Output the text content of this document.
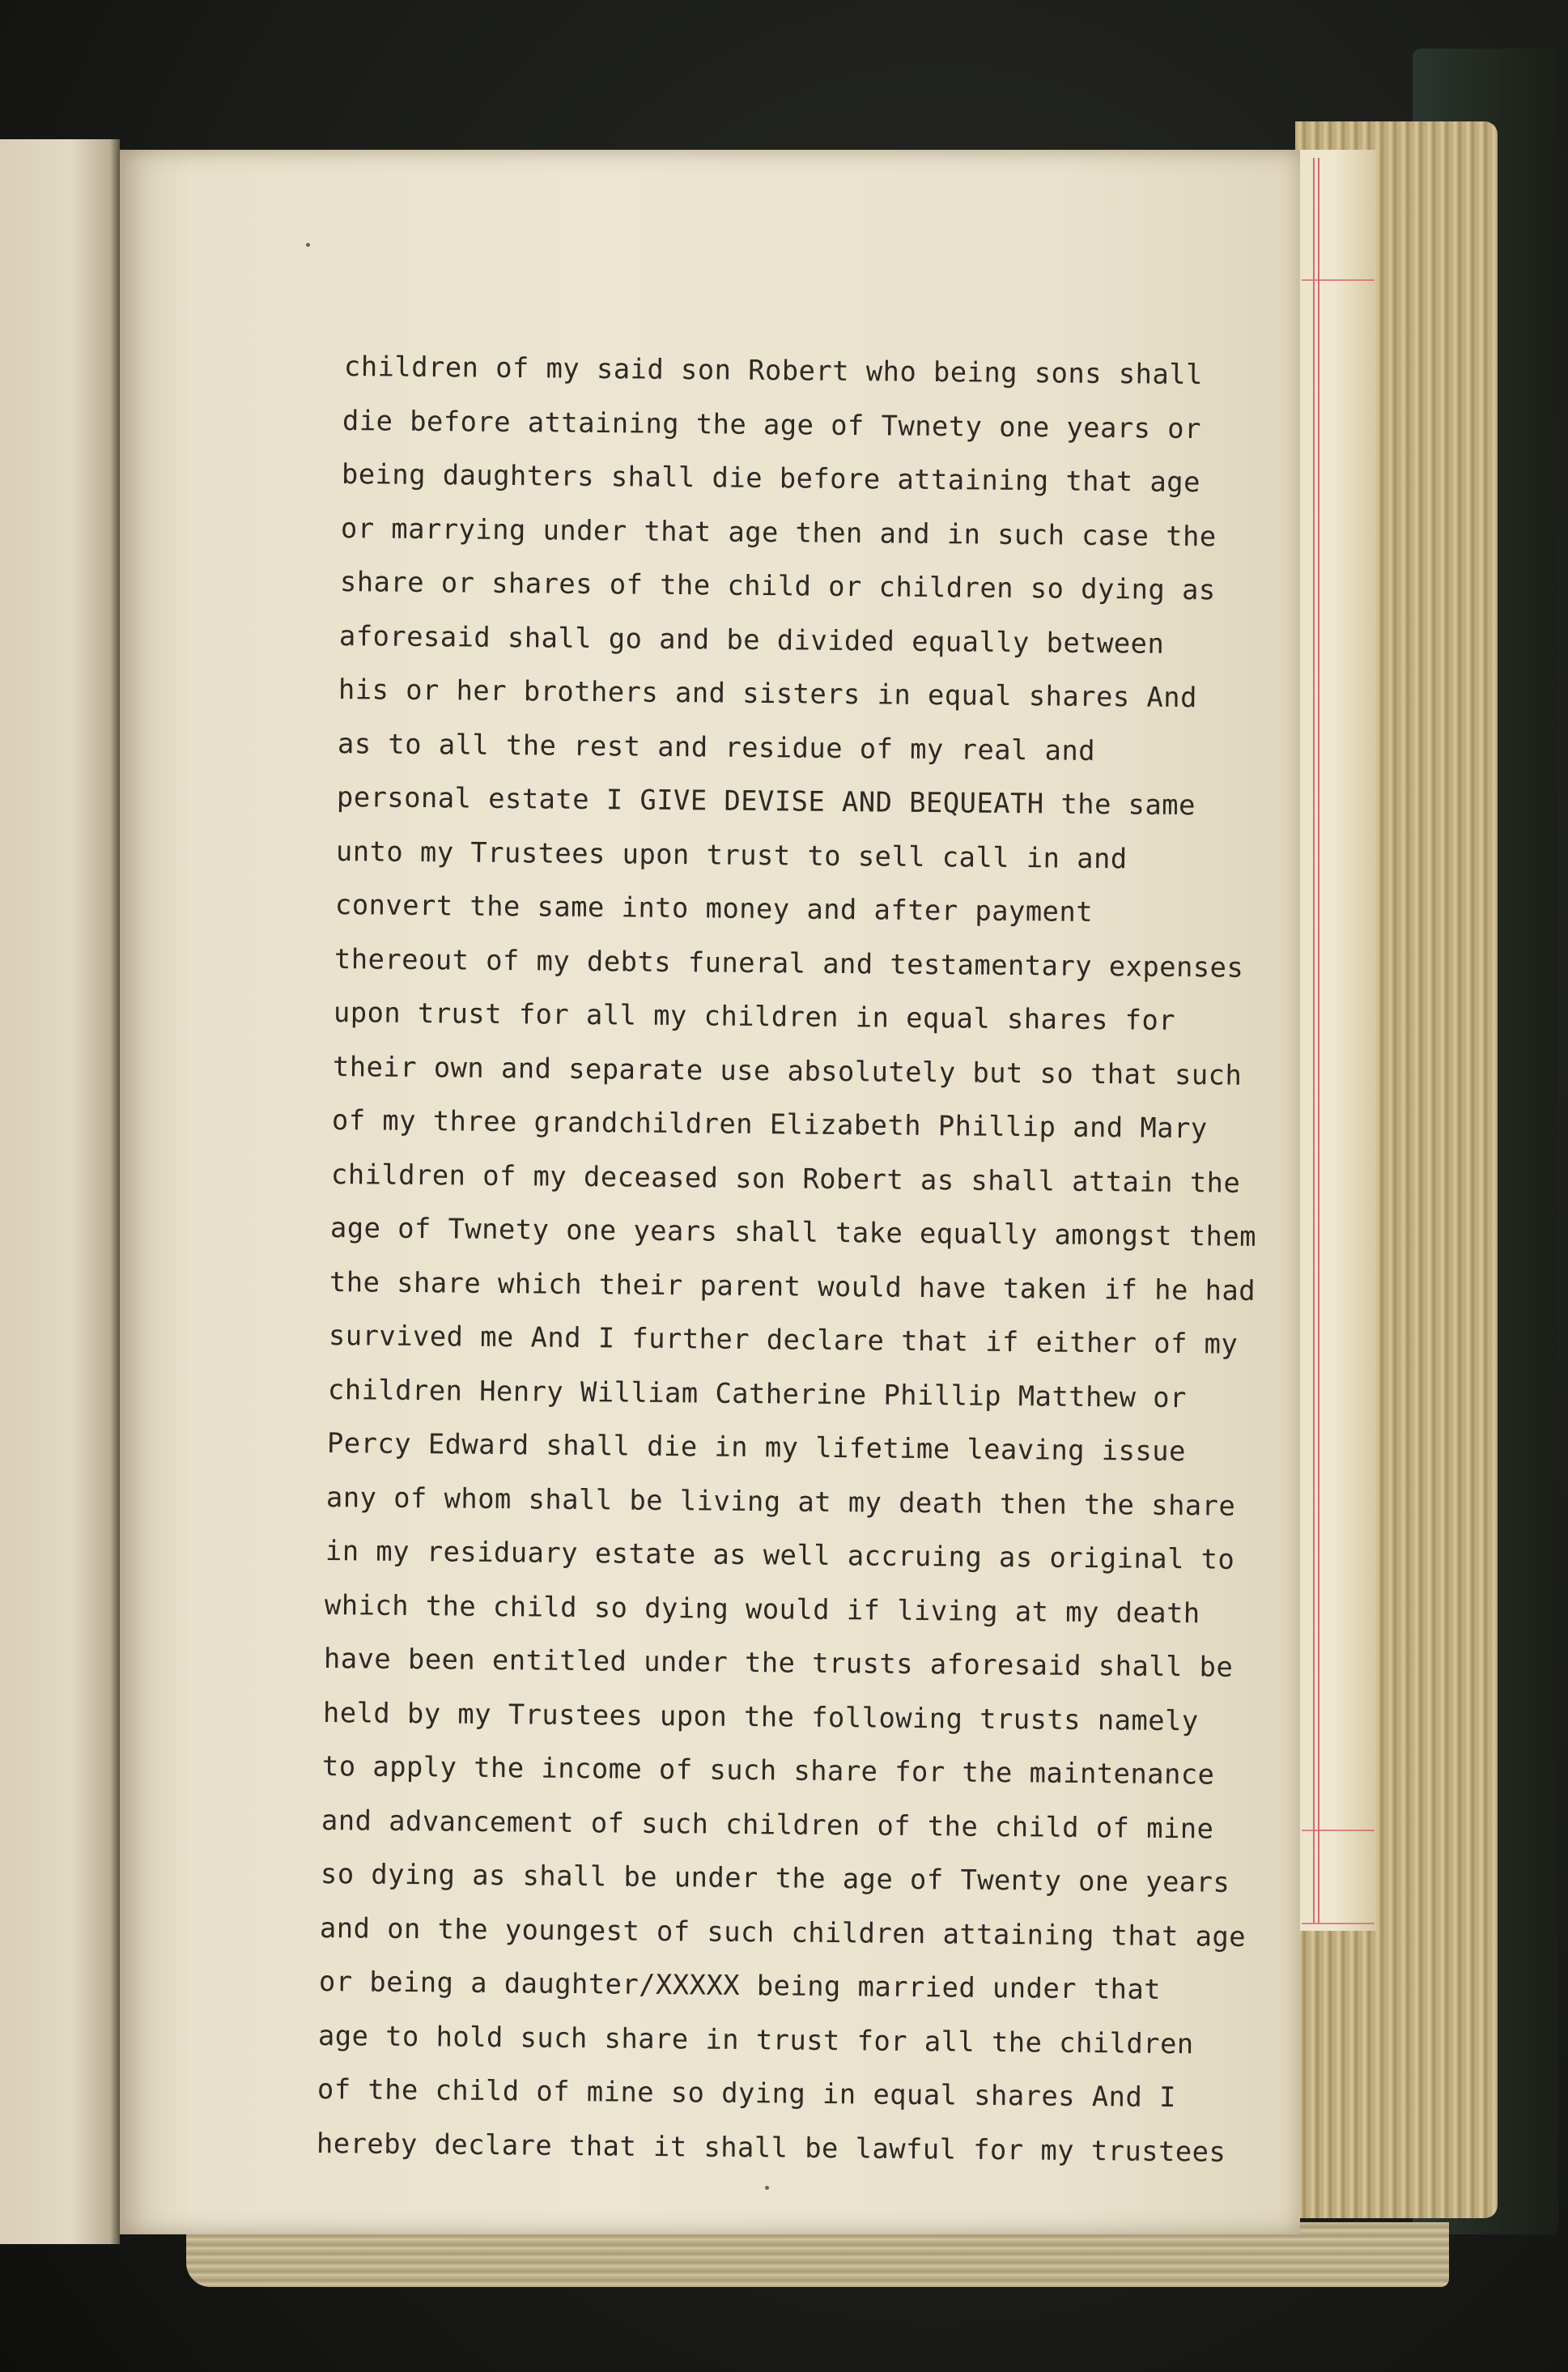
children of my said son Robert who being sons shall
die before attaining the age of Twnety one years or
being daughters shall die before attaining that age
or marrying under that age then and in such case the
share or shares of the child or children so dying as
aforesaid shall go and be divided equally between
his or her brothers and sisters in equal shares And
as to all the rest and residue of my real and
personal estate I GIVE DEVISE AND BEQUEATH the same
unto my Trustees upon trust to sell call in and
convert the same into money and after payment
thereout of my debts funeral and testamentary expenses
upon trust for all my children in equal shares for
their own and separate use absolutely but so that such
of my three grandchildren Elizabeth Phillip and Mary
children of my deceased son Robert as shall attain the
age of Twnety one years shall take equally amongst them
the share which their parent would have taken if he had
survived me And I further declare that if either of my
children Henry William Catherine Phillip Matthew or
Percy Edward shall die in my lifetime leaving issue
any of whom shall be living at my death then the share
in my residuary estate as well accruing as original to
which the child so dying would if living at my death
have been entitled under the trusts aforesaid shall be
held by my Trustees upon the following trusts namely
to apply the income of such share for the maintenance
and advancement of such children of the child of mine
so dying as shall be under the age of Twenty one years
and on the youngest of such children attaining that age
or being a daughter/XXXXX being married under that
age to hold such share in trust for all the children
of the child of mine so dying in equal shares And I
hereby declare that it shall be lawful for my trustees
